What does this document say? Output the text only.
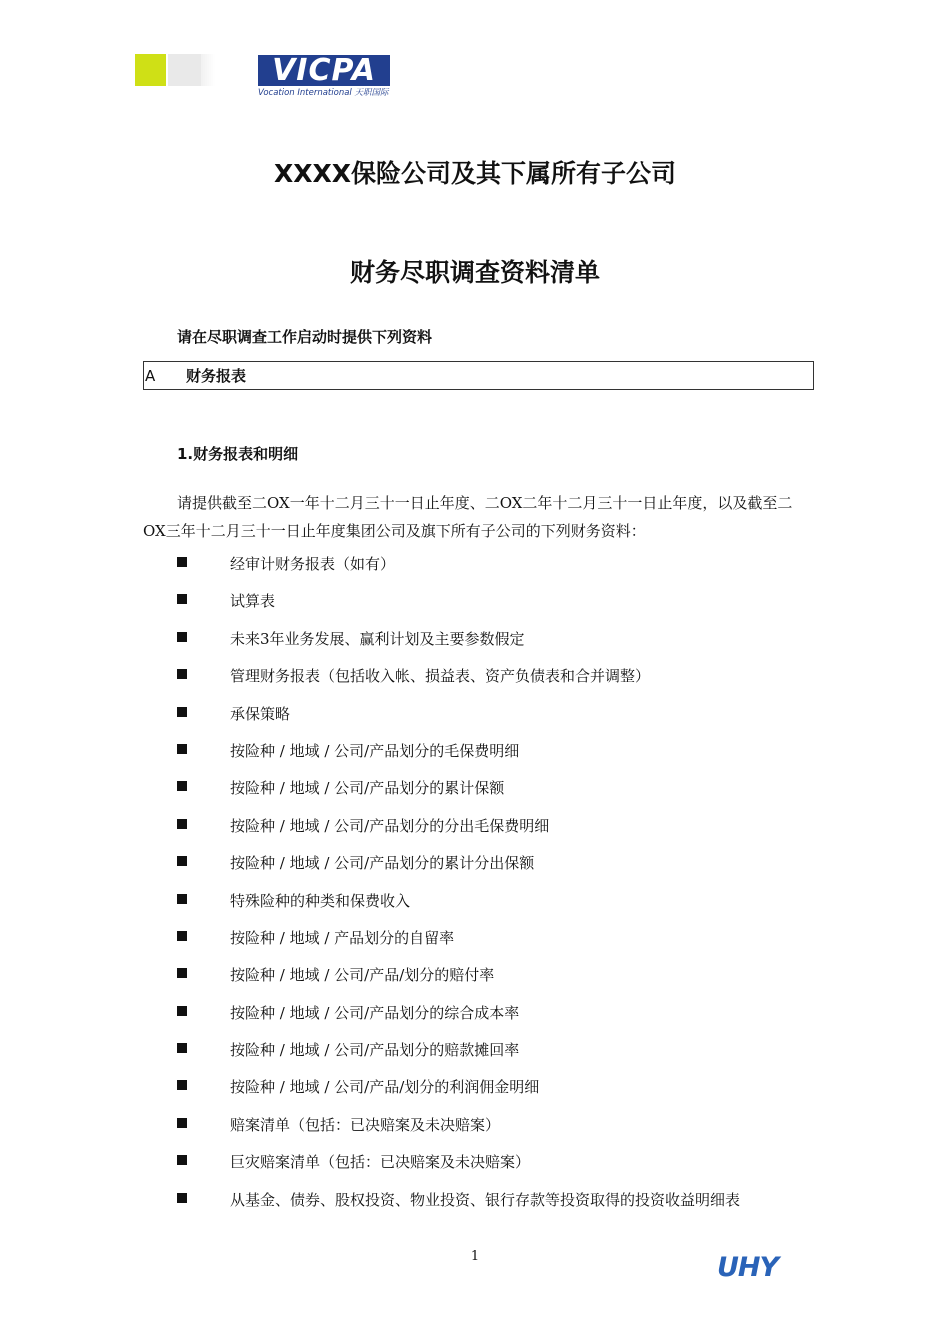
VICPA
Vocation International 天职国际
XXXX保险公司及其下属所有子公司
财务尽职调查资料清单
请在尽职调查工作启动时提供下列资料
A 财务报表
1.财务报表和明细
请提供截至二OX一年十二月三十一日止年度、二OX二年十二月三十一日止年度，以及截至二OX三年十二月三十一日止年度集团公司及旗下所有子公司的下列财务资料：
经审计财务报表（如有）
试算表
未来3年业务发展、赢利计划及主要参数假定
管理财务报表（包括收入帐、损益表、资产负债表和合并调整）
承保策略
按险种 / 地域 / 公司/产品划分的毛保费明细
按险种 / 地域 / 公司/产品划分的累计保额
按险种 / 地域 / 公司/产品划分的分出毛保费明细
按险种 / 地域 / 公司/产品划分的累计分出保额
特殊险种的种类和保费收入
按险种 / 地域 / 产品划分的自留率
按险种 / 地域 / 公司/产品/划分的赔付率
按险种 / 地域 / 公司/产品划分的综合成本率
按险种 / 地域 / 公司/产品划分的赔款摊回率
按险种 / 地域 / 公司/产品/划分的利润佣金明细
赔案清单（包括：已决赔案及未决赔案）
巨灾赔案清单（包括：已决赔案及未决赔案）
从基金、债券、股权投资、物业投资、银行存款等投资取得的投资收益明细表
1	UHY
